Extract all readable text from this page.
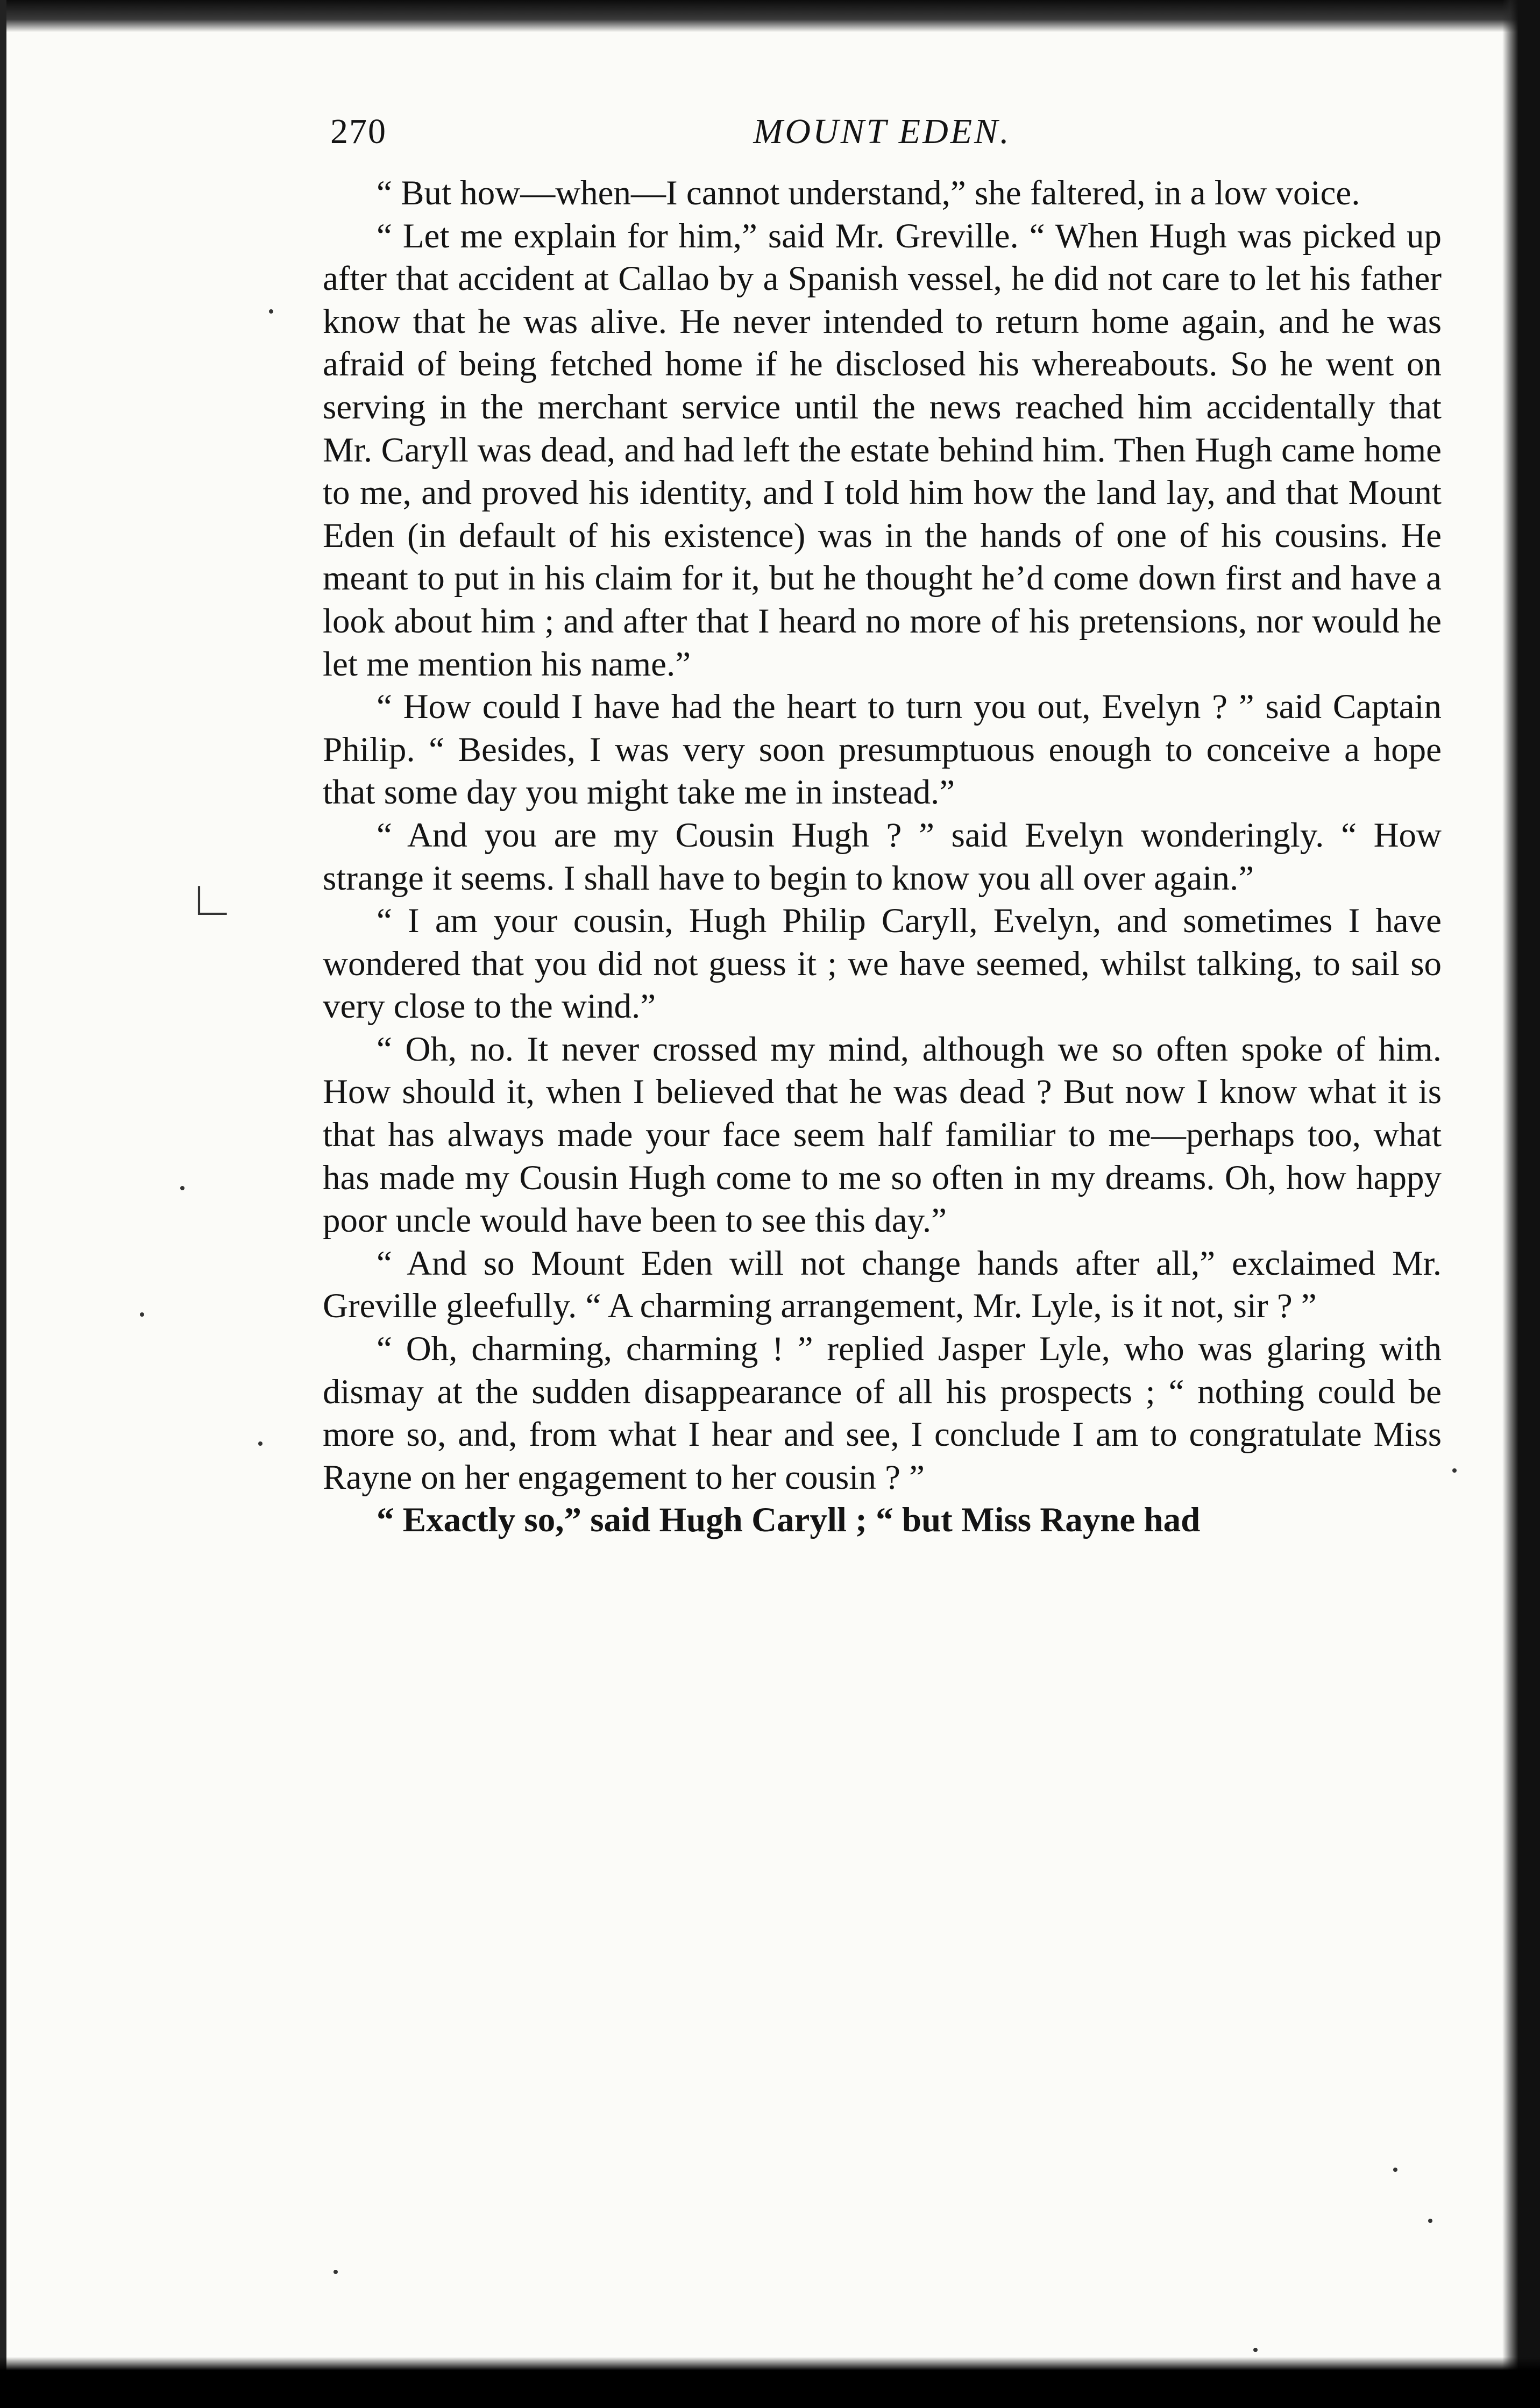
∟
270	MOUNT EDEN.

“ But how—when—I cannot understand,” she faltered, in a low voice.

“ Let me explain for him,” said Mr. Greville. “ When Hugh was picked up after that accident at Callao by a Spanish vessel, he did not care to let his father know that he was alive. He never intended to return home again, and he was afraid of being fetched home if he disclosed his whereabouts. So he went on serving in the merchant service until the news reached him accidentally that Mr. Caryll was dead, and had left the estate behind him. Then Hugh came home to me, and proved his identity, and I told him how the land lay, and that Mount Eden (in default of his existence) was in the hands of one of his cousins. He meant to put in his claim for it, but he thought he’d come down first and have a look about him ; and after that I heard no more of his pretensions, nor would he let me mention his name.”

“ How could I have had the heart to turn you out, Evelyn ? ” said Captain Philip. “ Besides, I was very soon presumptuous enough to conceive a hope that some day you might take me in instead.”

“ And you are my Cousin Hugh ? ” said Evelyn wonderingly. “ How strange it seems. I shall have to begin to know you all over again.”

“ I am your cousin, Hugh Philip Caryll, Evelyn, and sometimes I have wondered that you did not guess it ; we have seemed, whilst talking, to sail so very close to the wind.”

“ Oh, no. It never crossed my mind, although we so often spoke of him. How should it, when I believed that he was dead ? But now I know what it is that has always made your face seem half familiar to me—perhaps too, what has made my Cousin Hugh come to me so often in my dreams. Oh, how happy poor uncle would have been to see this day.”

“ And so Mount Eden will not change hands after all,” exclaimed Mr. Greville gleefully. “ A charming arrangement, Mr. Lyle, is it not, sir ? ”

“ Oh, charming, charming ! ” replied Jasper Lyle, who was glaring with dismay at the sudden disappearance of all his prospects ; “ nothing could be more so, and, from what I hear and see, I conclude I am to congratulate Miss Rayne on her engagement to her cousin ? ”

“ Exactly so,” said Hugh Caryll ; “ but Miss Rayne had
